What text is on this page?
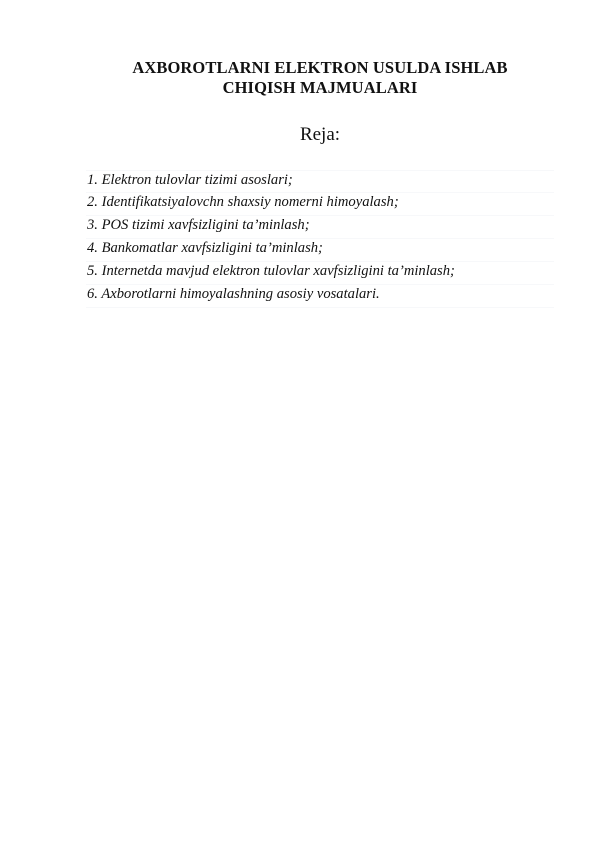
AXBOROTLARNI ELEKTRON USULDA ISHLAB
CHIQISH MAJMUALARI
Reja:
1. Elektron tulovlar tizimi asoslari;
2. Identifikatsiyalovchn shaxsiy nomerni himoyalash;
3. POS tizimi xavfsizligini ta’minlash;
4. Bankomatlar xavfsizligini ta’minlash;
5. Internetda mavjud elektron tulovlar xavfsizligini ta’minlash;
6. Axborotlarni himoyalashning asosiy vosatalari.
